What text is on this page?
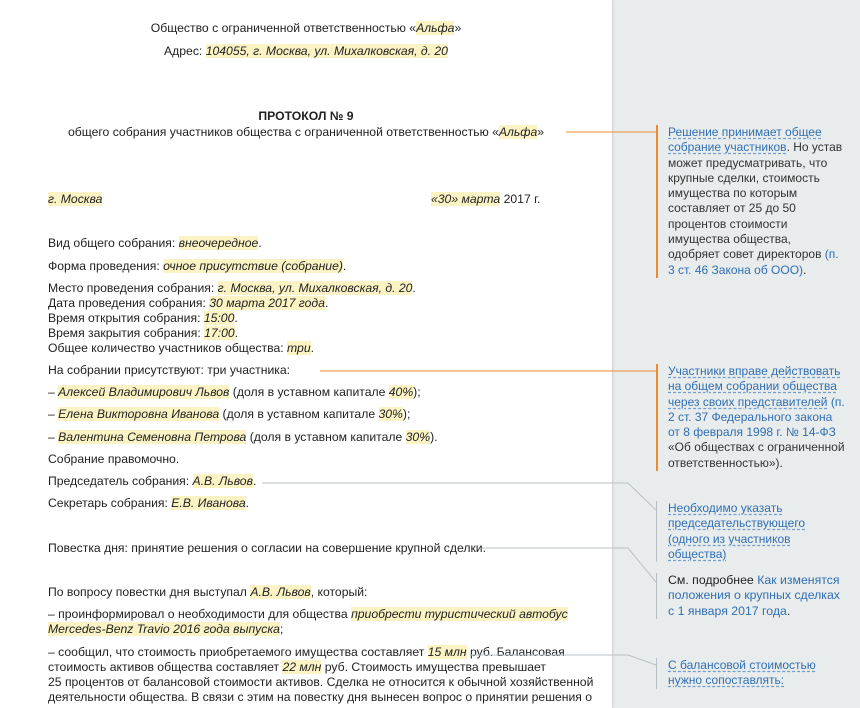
Общество с ограниченной ответственностью «Альфа»
Адрес: 104055, г. Москва, ул. Михалковская, д. 20
ПРОТОКОЛ № 9
общего собрания участников общества с ограниченной ответственностью «Альфа»
г. Москва	«30» марта 2017 г.
Вид общего собрания: внеочередное.
Форма проведения: очное присутствие (собрание).
Место проведения собрания: г. Москва, ул. Михалковская, д. 20.
Дата проведения собрания: 30 марта 2017 года.
Время открытия собрания: 15:00.
Время закрытия собрания: 17:00.
Общее количество участников общества: три.
На собрании присутствуют: три участника:
– Алексей Владимирович Львов (доля в уставном капитале 40%);
– Елена Викторовна Иванова (доля в уставном капитале 30%);
– Валентина Семеновна Петрова (доля в уставном капитале 30%).
Собрание правомочно.
Председатель собрания: А.В. Львов.
Секретарь собрания: Е.В. Иванова.
Повестка дня: принятие решения о согласии на совершение крупной сделки.
По вопросу повестки дня выступал А.В. Львов, который:
– проинформировал о необходимости для общества приобрести туристический автобус
Mercedes-Benz Travio 2016 года выпуска;
– сообщил, что стоимость приобретаемого имущества составляет 15 млн руб. Балансовая
стоимость активов общества составляет 22 млн руб. Стоимость имущества превышает
25 процентов от балансовой стоимости активов. Сделка не относится к обычной хозяйственной
деятельности общества. В связи с этим на повестку дня вынесен вопрос о принятии решения о
Решение принимает общее собрание участников. Но устав может предусматривать, что крупные сделки, стоимость имущества по которым составляет от 25 до 50 процентов стоимости имущества общества, одобряет совет директоров (п. 3 ст. 46 Закона об ООО).
Участники вправе действовать на общем собрании общества через своих представителей (п. 2 ст. 37 Федерального закона от 8 февраля 1998 г. № 14-ФЗ «Об обществах с ограниченной ответственностью»).
Необходимо указать председательствующего (одного из участников общества)
См. подробнее Как изменятся положения о крупных сделках с 1 января 2017 года.
С балансовой стоимостью нужно сопоставлять:
